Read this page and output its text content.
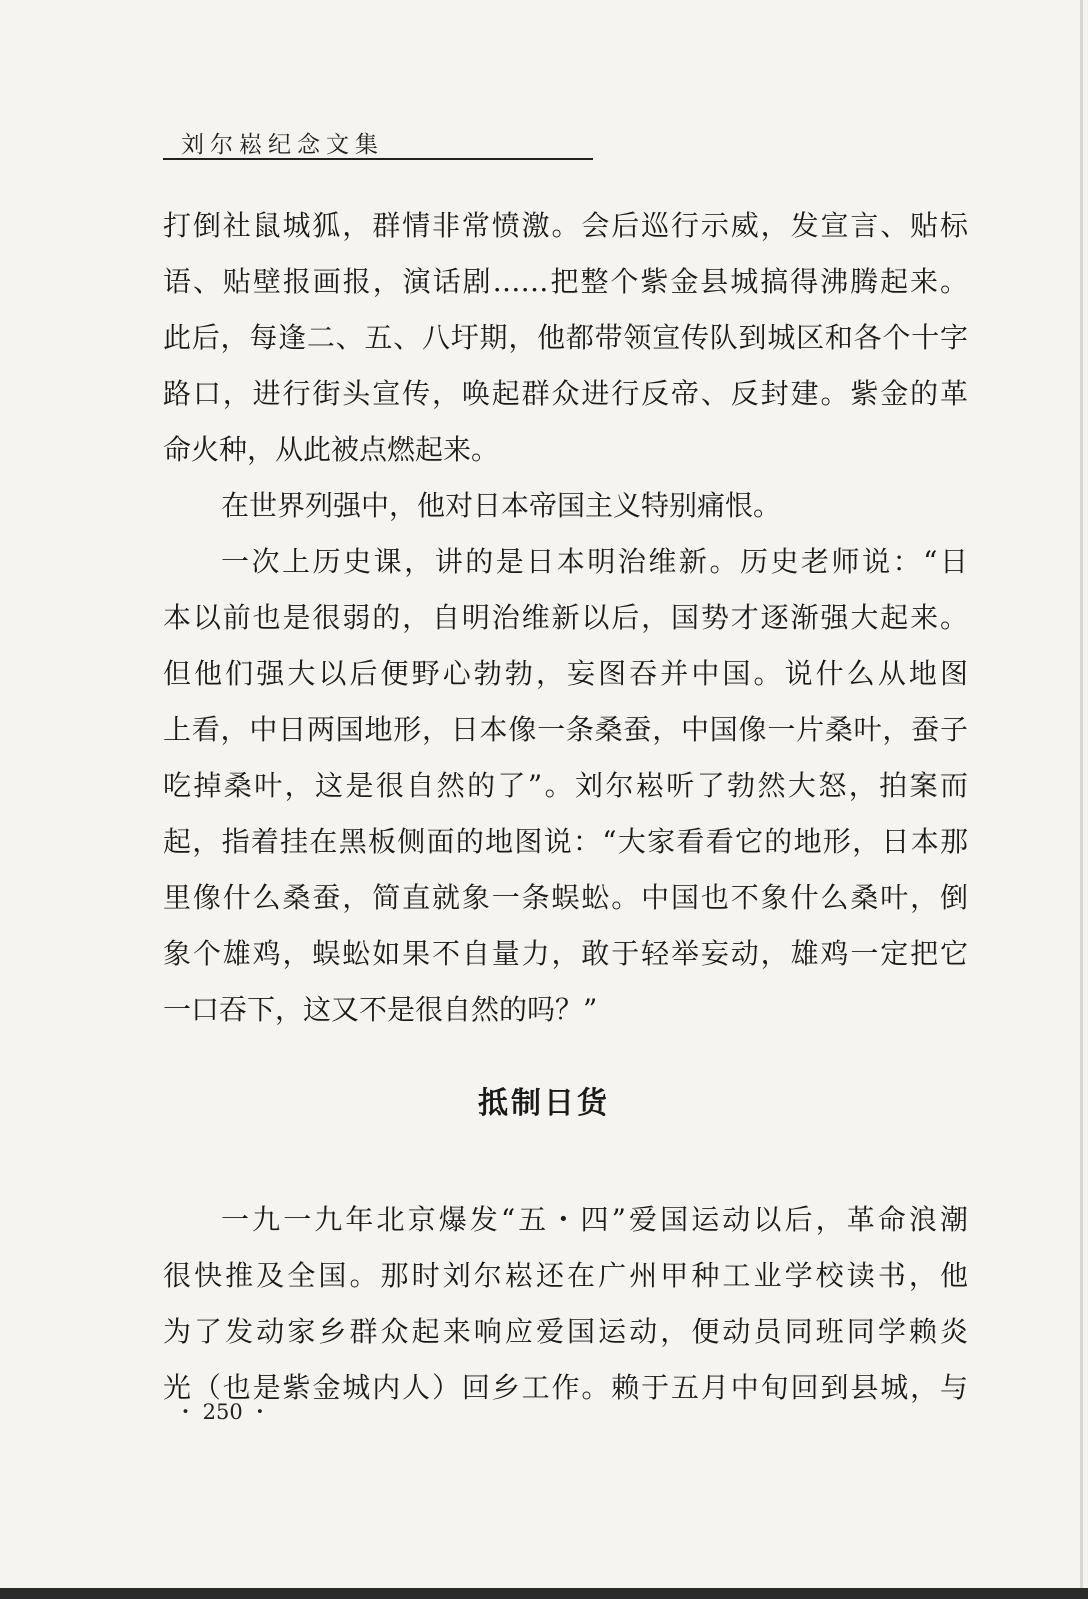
刘尔崧纪念文集
打倒社鼠城狐，群情非常愤激。会后巡行示威，发宣言、贴标
语、贴壁报画报，演话剧……把整个紫金县城搞得沸腾起来。
此后，每逢二、五、八圩期，他都带领宣传队到城区和各个十字
路口，进行街头宣传，唤起群众进行反帝、反封建。紫金的革
命火种，从此被点燃起来。
在世界列强中，他对日本帝国主义特别痛恨。
一次上历史课，讲的是日本明治维新。历史老师说：“日
本以前也是很弱的，自明治维新以后，国势才逐渐强大起来。
但他们强大以后便野心勃勃，妄图吞并中国。说什么从地图
上看，中日两国地形，日本像一条桑蚕，中国像一片桑叶，蚕子
吃掉桑叶，这是很自然的了”。刘尔崧听了勃然大怒，拍案而
起，指着挂在黑板侧面的地图说：“大家看看它的地形，日本那
里像什么桑蚕，简直就象一条蜈蚣。中国也不象什么桑叶，倒
象个雄鸡，蜈蚣如果不自量力，敢于轻举妄动，雄鸡一定把它
一口吞下，这又不是很自然的吗？”
抵制日货
一九一九年北京爆发“五・四”爱国运动以后，革命浪潮
很快推及全国。那时刘尔崧还在广州甲种工业学校读书，他
为了发动家乡群众起来响应爱国运动，便动员同班同学赖炎
光（也是紫金城内人）回乡工作。赖于五月中旬回到县城，与
・ 250 ・
